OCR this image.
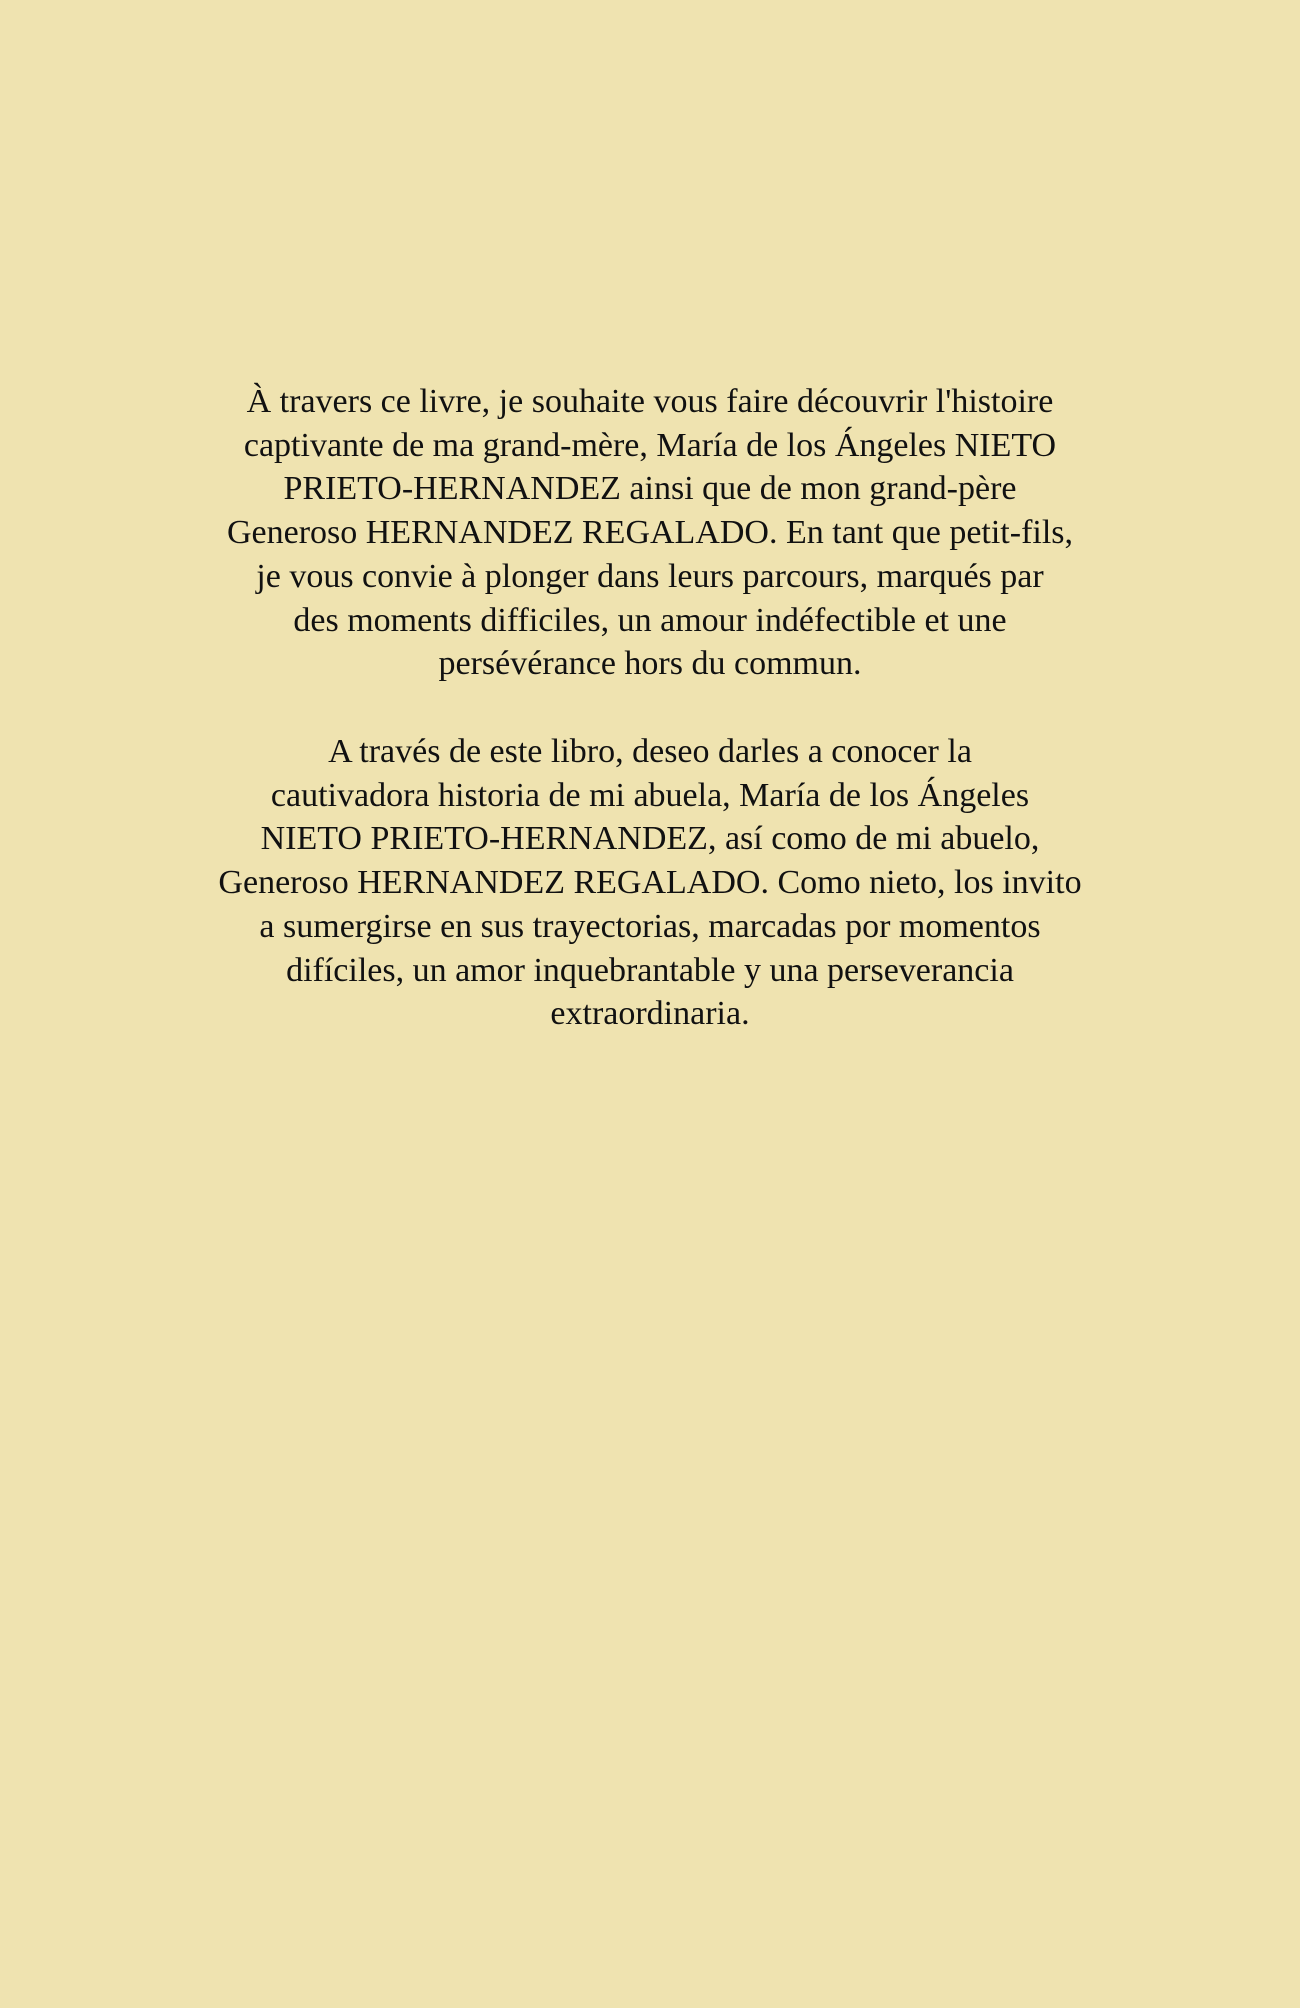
À travers ce livre, je souhaite vous faire découvrir l'histoire
captivante de ma grand-mère, María de los Ángeles NIETO
PRIETO-HERNANDEZ ainsi que de mon grand-père
Generoso HERNANDEZ REGALADO. En tant que petit-fils,
je vous convie à plonger dans leurs parcours, marqués par
des moments difficiles, un amour indéfectible et une
persévérance hors du commun.

A través de este libro, deseo darles a conocer la
cautivadora historia de mi abuela, María de los Ángeles
NIETO PRIETO-HERNANDEZ, así como de mi abuelo,
Generoso HERNANDEZ REGALADO. Como nieto, los invito
a sumergirse en sus trayectorias, marcadas por momentos
difíciles, un amor inquebrantable y una perseverancia
extraordinaria.
